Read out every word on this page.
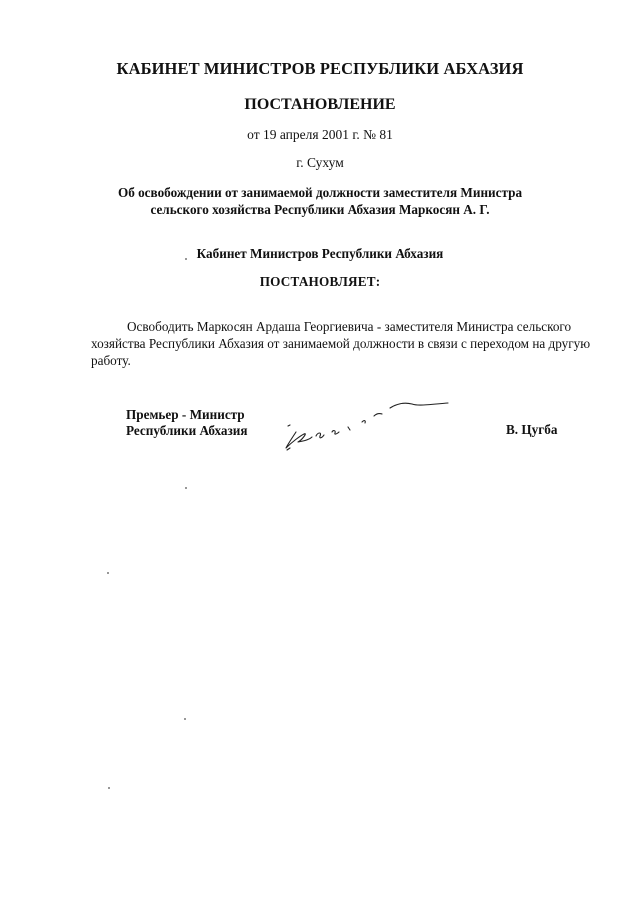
КАБИНЕТ МИНИСТРОВ РЕСПУБЛИКИ АБХАЗИЯ
ПОСТАНОВЛЕНИЕ
от 19 апреля 2001 г. № 81
г. Сухум
Об освобождении от занимаемой должности заместителя Министра
сельского хозяйства Республики Абхазия Маркосян А. Г.
Кабинет Министров Республики Абхазия
ПОСТАНОВЛЯЕТ:
Освободить Маркосян Ардаша Георгиевича - заместителя Министра сельского
хозяйства Республики Абхазия от занимаемой должности в связи с переходом на другую
работу.
Премьер - Министр
Республики Абхазия	В. Цугба
